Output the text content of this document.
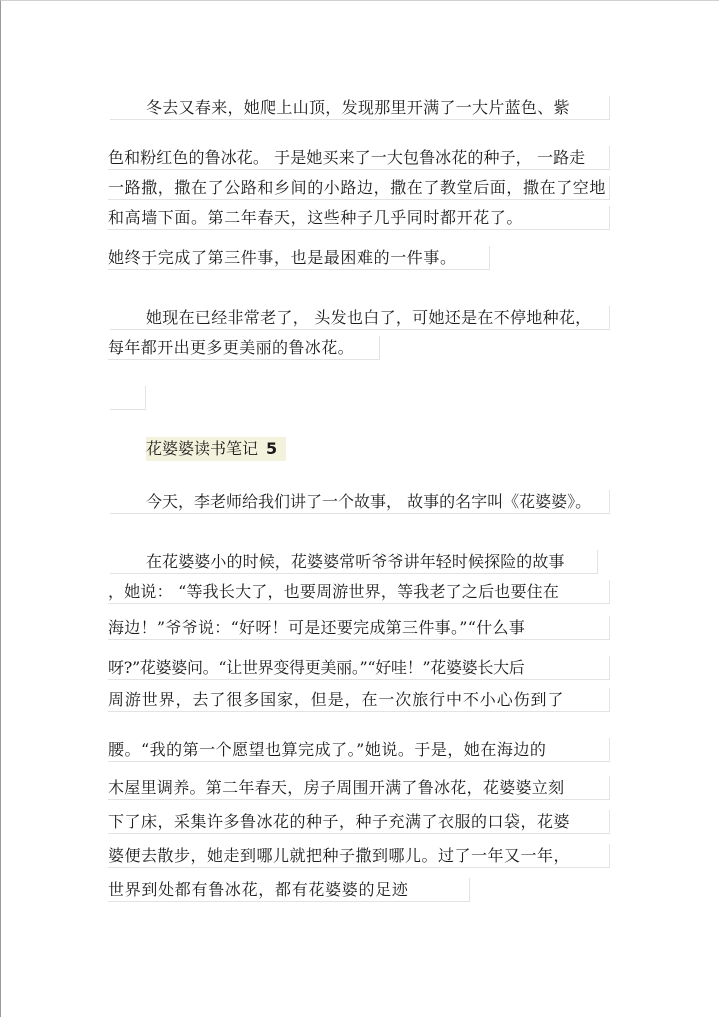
冬去又春来，她爬上山顶，发现那里开满了一大片蓝色、紫
色和粉红色的鲁冰花。 于是她买来了一大包鲁冰花的种子， 一路走
一路撒，撒在了公路和乡间的小路边，撒在了教堂后面，撒在了空地
和高墙下面。第二年春天，这些种子几乎同时都开花了。
她终于完成了第三件事，也是最困难的一件事。
她现在已经非常老了， 头发也白了，可她还是在不停地种花，
每年都开出更多更美丽的鲁冰花。
花婆婆读书笔记 5
今天，李老师给我们讲了一个故事， 故事的名字叫《花婆婆》。
在花婆婆小的时候，花婆婆常听爷爷讲年轻时候探险的故事
，她说： “等我长大了，也要周游世界，等我老了之后也要住在
海边！”爷爷说：“好呀！可是还要完成第三件事。”“什么事
呀?”花婆婆问。“让世界变得更美丽。”“好哇！”花婆婆长大后
周游世界，去了很多国家，但是，在一次旅行中不小心伤到了
腰。“我的第一个愿望也算完成了。”她说。于是，她在海边的
木屋里调养。第二年春天，房子周围开满了鲁冰花，花婆婆立刻
下了床，采集许多鲁冰花的种子，种子充满了衣服的口袋，花婆
婆便去散步，她走到哪儿就把种子撒到哪儿。过了一年又一年，
世界到处都有鲁冰花，都有花婆婆的足迹
